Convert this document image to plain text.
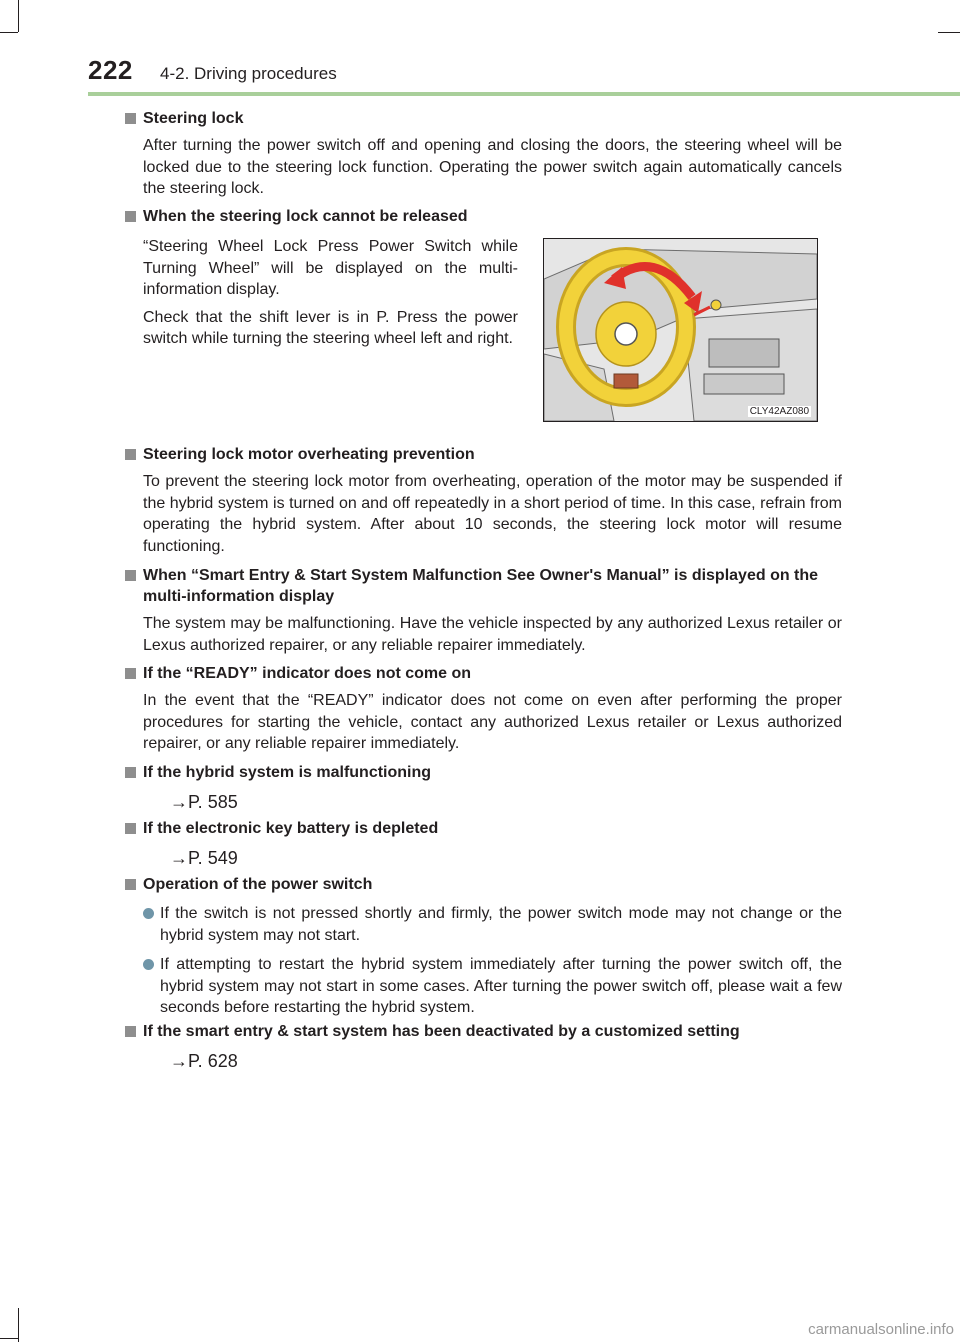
222 4-2. Driving procedures
Steering lock
After turning the power switch off and opening and closing the doors, the steering wheel will be locked due to the steering lock function. Operating the power switch again automatically cancels the steering lock.
When the steering lock cannot be released
“Steering Wheel Lock Press Power Switch while Turning Wheel” will be displayed on the multi-information display.
Check that the shift lever is in P. Press the power switch while turning the steering wheel left and right.
CLY42AZ080
Steering lock motor overheating prevention
To prevent the steering lock motor from overheating, operation of the motor may be suspended if the hybrid system is turned on and off repeatedly in a short period of time. In this case, refrain from operating the hybrid system. After about 10 seconds, the steering lock motor will resume functioning.
When “Smart Entry & Start System Malfunction See Owner's Manual” is displayed on the multi-information display
The system may be malfunctioning. Have the vehicle inspected by any authorized Lexus retailer or Lexus authorized repairer, or any reliable repairer immediately.
If the “READY” indicator does not come on
In the event that the “READY” indicator does not come on even after performing the proper procedures for starting the vehicle, contact any authorized Lexus retailer or Lexus authorized repairer, or any reliable repairer immediately.
If the hybrid system is malfunctioning
→P. 585
If the electronic key battery is depleted
→P. 549
Operation of the power switch
If the switch is not pressed shortly and firmly, the power switch mode may not change or the hybrid system may not start.
If attempting to restart the hybrid system immediately after turning the power switch off, the hybrid system may not start in some cases. After turning the power switch off, please wait a few seconds before restarting the hybrid system.
If the smart entry & start system has been deactivated by a customized setting
→P. 628
carmanualsonline.info
